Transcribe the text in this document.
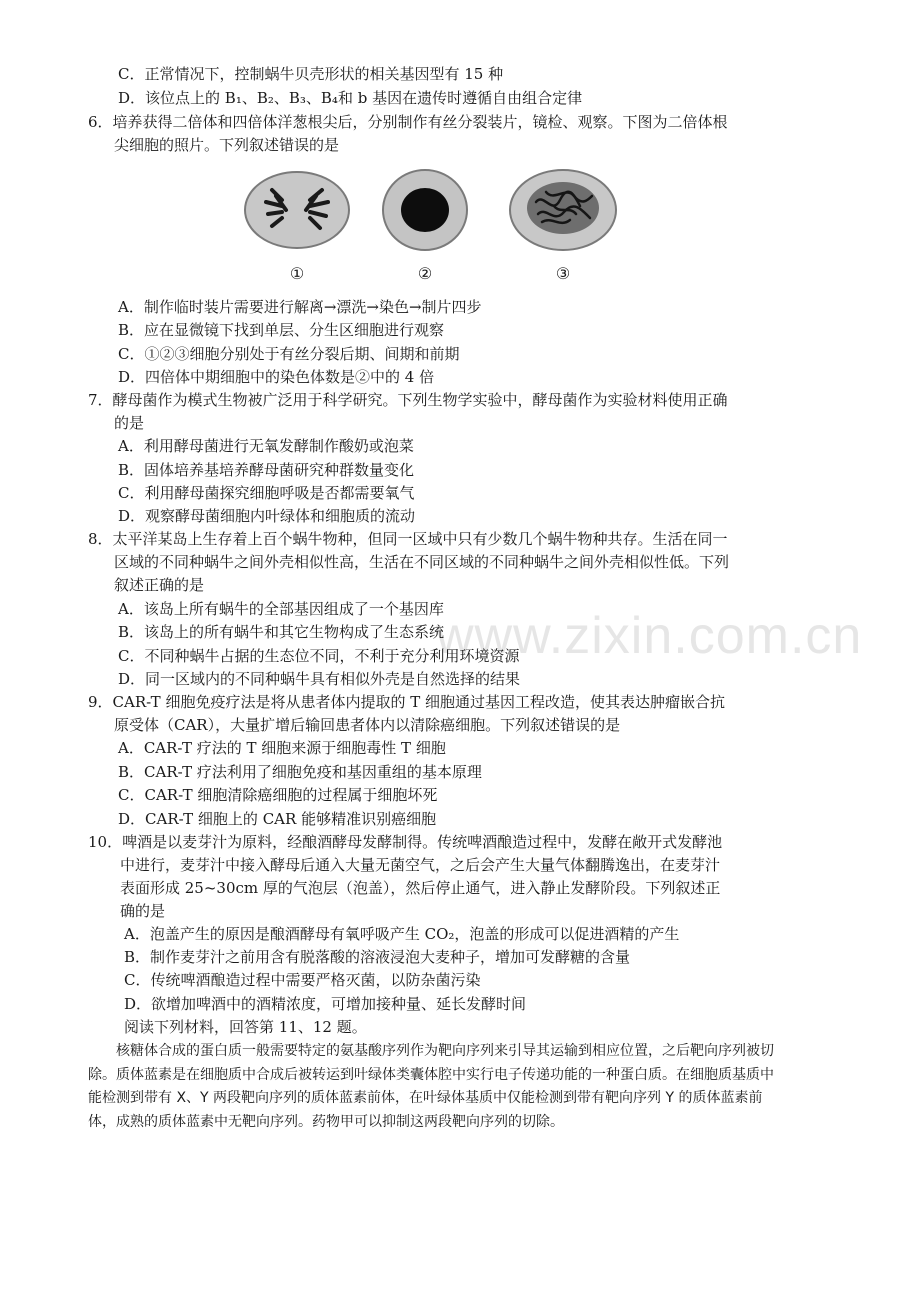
www.zixin.com.cn
C．正常情况下，控制蜗牛贝壳形状的相关基因型有 15 种
D．该位点上的 B₁、B₂、B₃、B₄和 b 基因在遗传时遵循自由组合定律
6．培养获得二倍体和四倍体洋葱根尖后，分别制作有丝分裂装片，镜检、观察。下图为二倍体根
尖细胞的照片。下列叙述错误的是
①	②	③
A．制作临时装片需要进行解离→漂洗→染色→制片四步
B．应在显微镜下找到单层、分生区细胞进行观察
C．①②③细胞分别处于有丝分裂后期、间期和前期
D．四倍体中期细胞中的染色体数是②中的 4 倍
7．酵母菌作为模式生物被广泛用于科学研究。下列生物学实验中，酵母菌作为实验材料使用正确
的是
A．利用酵母菌进行无氧发酵制作酸奶或泡菜
B．固体培养基培养酵母菌研究种群数量变化
C．利用酵母菌探究细胞呼吸是否都需要氧气
D．观察酵母菌细胞内叶绿体和细胞质的流动
8．太平洋某岛上生存着上百个蜗牛物种，但同一区域中只有少数几个蜗牛物种共存。生活在同一
区域的不同种蜗牛之间外壳相似性高，生活在不同区域的不同种蜗牛之间外壳相似性低。下列
叙述正确的是
A．该岛上所有蜗牛的全部基因组成了一个基因库
B．该岛上的所有蜗牛和其它生物构成了生态系统
C．不同种蜗牛占据的生态位不同，不利于充分利用环境资源
D．同一区域内的不同种蜗牛具有相似外壳是自然选择的结果
9．CAR-T 细胞免疫疗法是将从患者体内提取的 T 细胞通过基因工程改造，使其表达肿瘤嵌合抗
原受体（CAR），大量扩增后输回患者体内以清除癌细胞。下列叙述错误的是
A．CAR-T 疗法的 T 细胞来源于细胞毒性 T 细胞
B．CAR-T 疗法利用了细胞免疫和基因重组的基本原理
C．CAR-T 细胞清除癌细胞的过程属于细胞坏死
D．CAR-T 细胞上的 CAR 能够精准识别癌细胞
10．啤酒是以麦芽汁为原料，经酿酒酵母发酵制得。传统啤酒酿造过程中，发酵在敞开式发酵池
中进行，麦芽汁中接入酵母后通入大量无菌空气，之后会产生大量气体翻腾逸出，在麦芽汁
表面形成 25~30cm 厚的气泡层（泡盖），然后停止通气，进入静止发酵阶段。下列叙述正
确的是
A．泡盖产生的原因是酿酒酵母有氧呼吸产生 CO₂，泡盖的形成可以促进酒精的产生
B．制作麦芽汁之前用含有脱落酸的溶液浸泡大麦种子，增加可发酵糖的含量
C．传统啤酒酿造过程中需要严格灭菌，以防杂菌污染
D．欲增加啤酒中的酒精浓度，可增加接种量、延长发酵时间
阅读下列材料，回答第 11、12 题。
核糖体合成的蛋白质一般需要特定的氨基酸序列作为靶向序列来引导其运输到相应位置，之后靶向序列被切除。质体蓝素是在细胞质中合成后被转运到叶绿体类囊体腔中实行电子传递功能的一种蛋白质。在细胞质基质中能检测到带有 X、Y 两段靶向序列的质体蓝素前体，在叶绿体基质中仅能检测到带有靶向序列 Y 的质体蓝素前体，成熟的质体蓝素中无靶向序列。药物甲可以抑制这两段靶向序列的切除。
